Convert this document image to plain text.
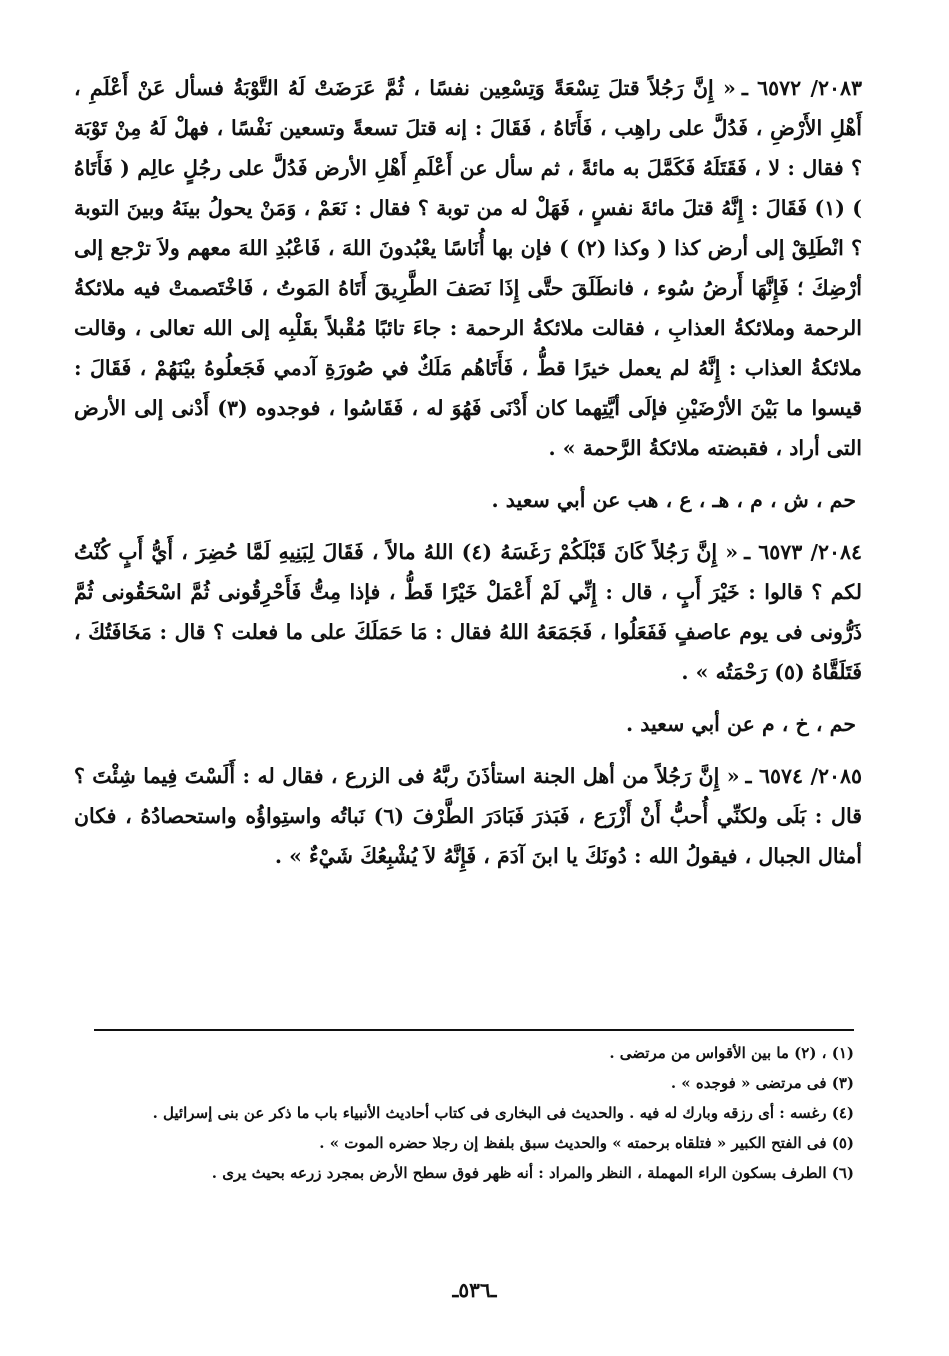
٢٠٨٣/ ٦٥٧٢ ـ« إِنَّ رَجُلاً قتلَ تِسْعَةً وَتِسْعِين نفسًا ، ثُمَّ عَرَضَتْ لَهُ التَّوْبَةُ فسأل عَنْ أَعْلَمِ ، أَهْلِ الأَرْضِ ، فَدُلَّ على راهِب ، فَأَتَاهُ ، فَقَالَ : إنه قتلَ تسعةً وتسعين نَفْسًا ، فهلْ لَهُ مِنْ تَوْبَة ؟ فقال : لا ، فَقَتَلَهُ فَكَمَّلَ به مائةً ، ثم سأل عن أَعْلَمِ أَهْلِ الأرض فَدُلَّ على رجُلٍ عالِم ( فَأَتَاهُ ) (١) فَقَالَ : إِنَّهُ قتلَ مائةَ نفسٍ ، فَهَلْ له من توبة ؟ فقال : نَعَمْ ، وَمَنْ يحولُ بينَهُ وبينَ التوبة ؟ انْطَلِقْ إلى أرض كذا ( وكذا (٢) ) فإن بها أُنَاسًا يعْبُدونَ اللهَ ، فَاعْبُدِ اللهَ معهم ولاَ ترْجع إلى أرْضِكَ ؛ فَإِنَّهَا أَرضُ سُوء ، فانطَلَقَ حتَّى إِذَا نَصَفَ الطَّرِيقَ أَتَاهُ المَوتُ ، فَاخْتَصمتْ فيه ملائكةُ الرحمة وملائكةُ العذابِ ، فقالت ملائكةُ الرحمة : جاءَ تائبًا مُقْبلاً بقَلْبِه إلى الله تعالى ، وقالت ملائكةُ العذاب : إِنَّهُ لم يعمل خيرًا قطُّ ، فَأَتَاهُم مَلَكٌ في صُورَةِ آدمي فَجَعلُوهُ بيْنَهُمْ ، فَقَالَ : قيسوا ما بَيْنَ الأرْضَيْنِ فإلَى أيَّتِهما كان أَدْنَى فَهُوَ له ، فَقَاسُوا ، فوجدوه (٣) أَدْنى إلى الأرض التى أراد ، فقبضته ملائكةُ الرَّحمة » .

حم ، ش ، م ، هـ ، ع ، هب عن أبي سعيد .

٢٠٨٤/ ٦٥٧٣ ـ« إِنَّ رَجُلاً كَانَ قَبْلَكُمْ رَغَسَهُ (٤) اللهُ مالاً ، فَقَالَ لِبَنِيهِ لَمَّا حُضِرَ ، أَيُّ أَبٍ كُنْتُ لكم ؟ قالوا : خَيْرَ أَبٍ ، قال : إِنِّي لَمْ أَعْمَلْ خَيْرًا قَطُّ ، فإذا مِتُّ فَأَحْرِقُونى ثُمَّ اسْحَقُونى ثُمَّ ذَرُّونى فى يوم عاصفٍ فَفَعَلُوا ، فَجَمَعَهُ اللهُ فقال : مَا حَمَلَكَ على ما فعلت ؟ قال : مَخَافَتُكَ ، فَتَلَقَّاهُ (٥) رَحْمَتُه » .

حم ، خ ، م عن أبي سعيد .

٢٠٨٥/ ٦٥٧٤ ـ« إِنَّ رَجُلاً من أهل الجنة استأذَنَ ربَّهُ فى الزرع ، فقال له : أَلَسْتَ فِيما شِئْتَ ؟ قال : بَلَى ولكنِّي أُحبُّ أَنْ أَزْرَع ، فَبَذرَ فَبَادَرَ الطَّرْفَ (٦) نَباتُه واستِواؤُه واستحصادُهُ ، فكان أمثال الجبال ، فيقولُ الله : دُونَكَ يا ابنَ آدَمَ ، فَإِنَّهُ لاَ يُشْبِعُكَ شَيْءٌ » .

(١) ، (٢) ما بين الأقواس من مرتضى .

(٣) فى مرتضى « فوجده » .

(٤) رغسه : أى رزقه وبارك له فيه . والحديث فى البخارى فى كتاب أحاديث الأنبياء باب ما ذكر عن بنى إسرائيل .

(٥) فى الفتح الكبير « فتلقاه برحمته » والحديث سبق بلفظ إن رجلا حضره الموت » .

(٦) الطرف بسكون الراء المهملة ، النظر والمراد : أنه ظهر فوق سطح الأرض بمجرد زرعه بحيث يرى .

ـ٥٣٦ـ
